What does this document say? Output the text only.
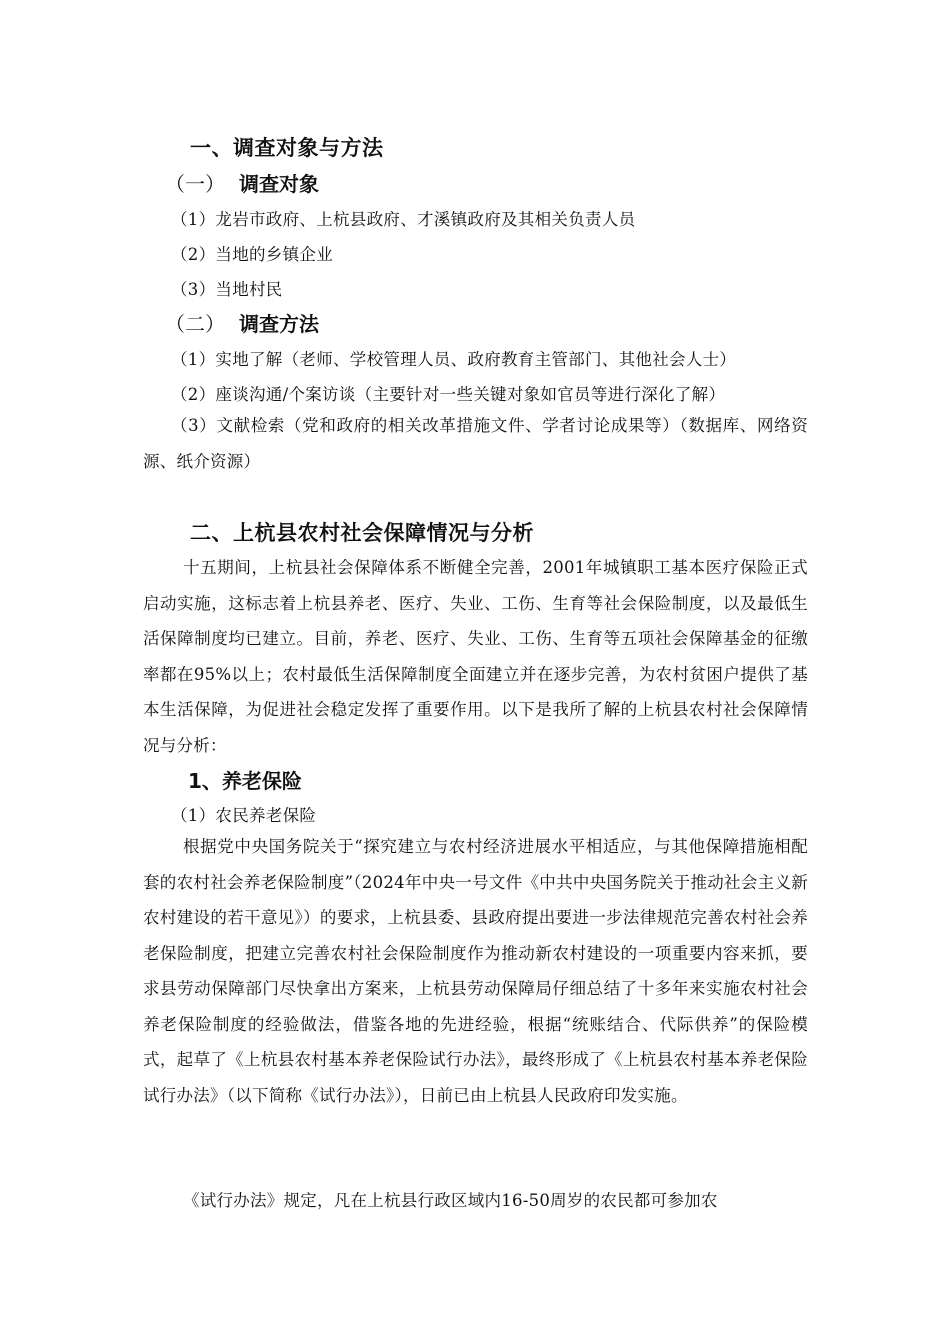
一、调查对象与方法
（一） 调查对象
（1）龙岩市政府、上杭县政府、才溪镇政府及其相关负责人员
（2）当地的乡镇企业
（3）当地村民
（二） 调查方法
（1）实地了解（老师、学校管理人员、政府教育主管部门、其他社会人士）
（2）座谈沟通/个案访谈（主要针对一些关键对象如官员等进行深化了解）
（3）文献检索（党和政府的相关改革措施文件、学者讨论成果等）（数据库、网络资源、纸介资源）
二、上杭县农村社会保障情况与分析
十五期间，上杭县社会保障体系不断健全完善，2001年城镇职工基本医疗保险正式启动实施，这标志着上杭县养老、医疗、失业、工伤、生育等社会保险制度，以及最低生活保障制度均已建立。目前，养老、医疗、失业、工伤、生育等五项社会保障基金的征缴率都在95%以上；农村最低生活保障制度全面建立并在逐步完善，为农村贫困户提供了基本生活保障，为促进社会稳定发挥了重要作用。以下是我所了解的上杭县农村社会保障情况与分析：
1、养老保险
（1）农民养老保险
根据党中央国务院关于“探究建立与农村经济进展水平相适应，与其他保障措施相配套的农村社会养老保险制度”（2024年中央一号文件《中共中央国务院关于推动社会主义新农村建设的若干意见》）的要求，上杭县委、县政府提出要进一步法律规范完善农村社会养老保险制度，把建立完善农村社会保险制度作为推动新农村建设的一项重要内容来抓，要求县劳动保障部门尽快拿出方案来，上杭县劳动保障局仔细总结了十多年来实施农村社会养老保险制度的经验做法，借鉴各地的先进经验，根据“统账结合、代际供养”的保险模式，起草了《上杭县农村基本养老保险试行办法》，最终形成了《上杭县农村基本养老保险试行办法》（以下简称《试行办法》），日前已由上杭县人民政府印发实施。
《试行办法》规定，凡在上杭县行政区域内16-50周岁的农民都可参加农
